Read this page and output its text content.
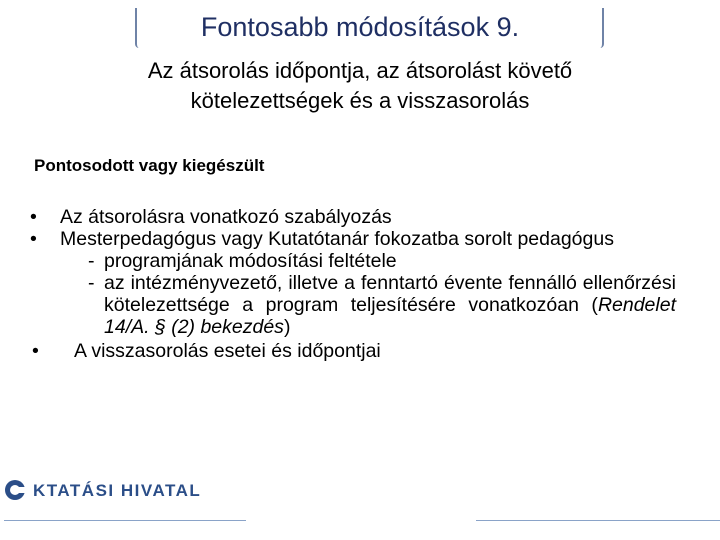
Fontosabb módosítások 9.
Az átsorolás időpontja, az átsorolást követő

kötelezettségek és a visszasorolás
Pontosodott vagy kiegészült
• Az átsorolásra vonatkozó szabályozás
• Mesterpedagógus vagy Kutatótanár fokozatba sorolt pedagógus
- programjának módosítási feltétele
- az intézményvezető, illetve a fenntartó évente fennálló ellenőrzési kötelezettsége a program teljesítésére vonatkozóan (Rendelet 14/A. § (2) bekezdés)
• A visszasorolás esetei és időpontjai
KTATÁSI HIVATAL
